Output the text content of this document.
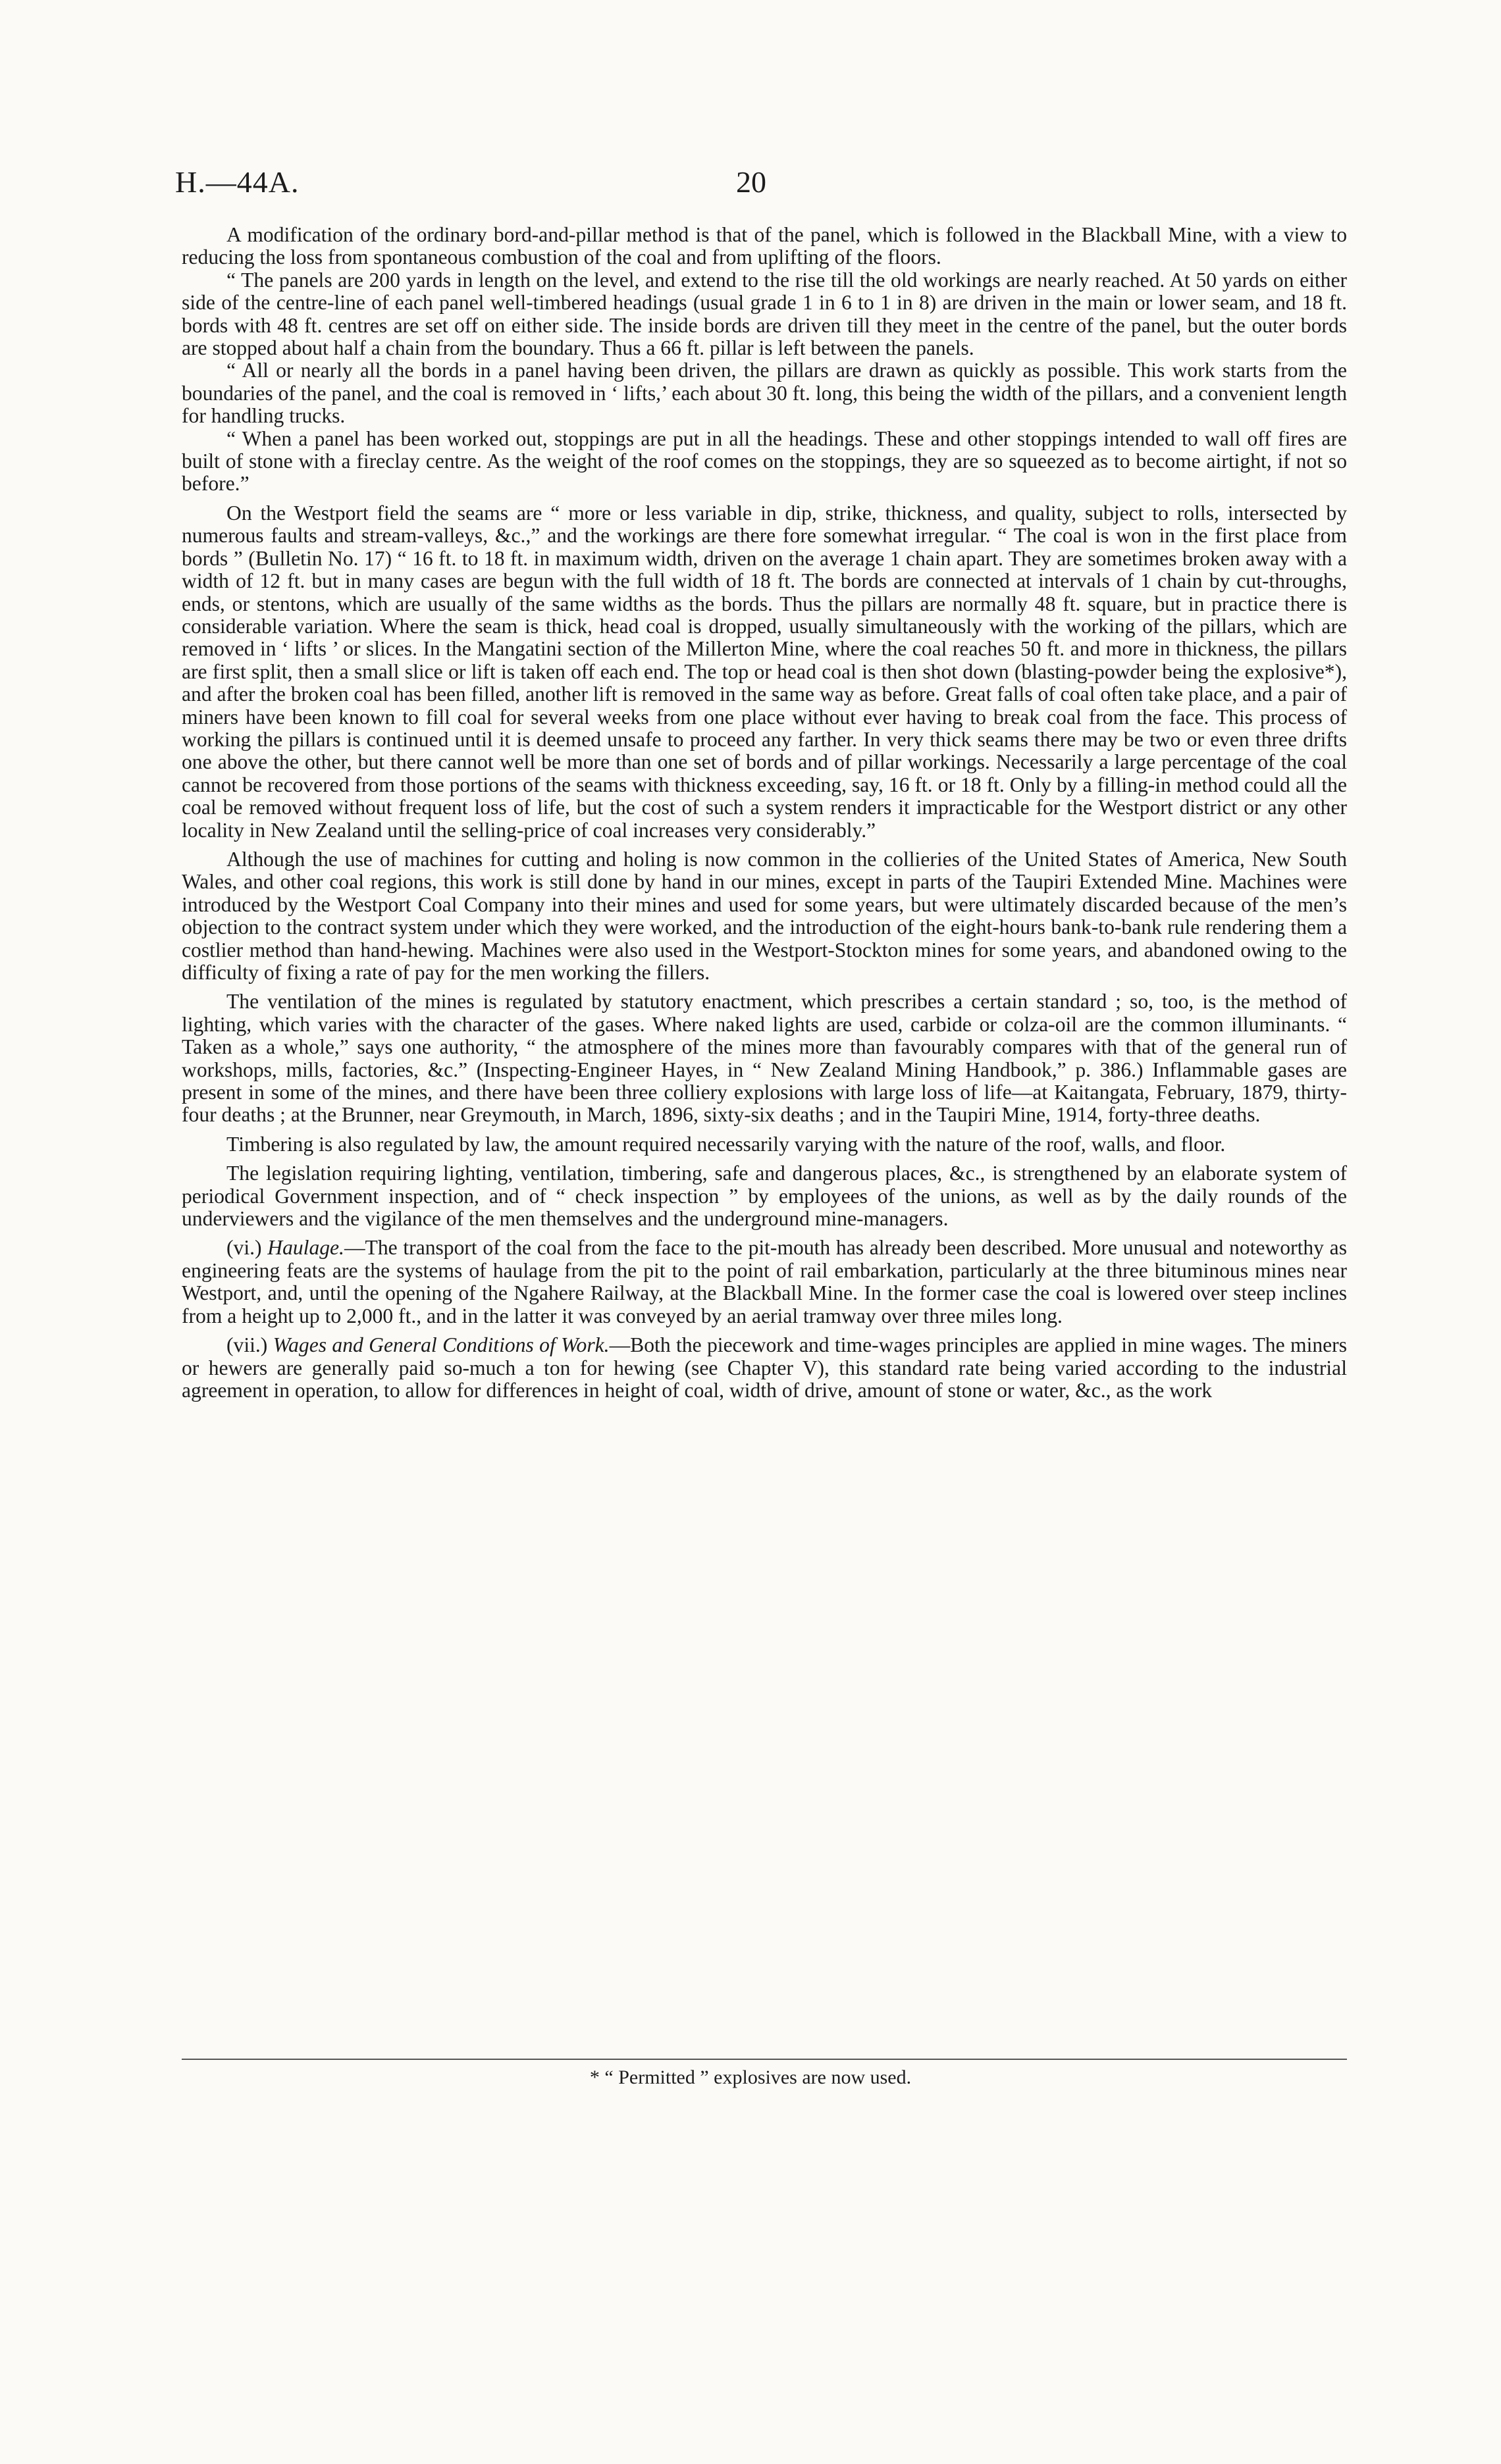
H.—44A.	20

A modification of the ordinary bord-and-pillar method is that of the panel, which is followed in the Blackball Mine, with a view to reducing the loss from spontaneous combustion of the coal and from uplifting of the floors.

“ The panels are 200 yards in length on the level, and extend to the rise till the old workings are nearly reached. At 50 yards on either side of the centre-line of each panel well-timbered headings (usual grade 1 in 6 to 1 in 8) are driven in the main or lower seam, and 18 ft. bords with 48 ft. centres are set off on either side. The inside bords are driven till they meet in the centre of the panel, but the outer bords are stopped about half a chain from the boundary. Thus a 66 ft. pillar is left between the panels.

“ All or nearly all the bords in a panel having been driven, the pillars are drawn as quickly as possible. This work starts from the boundaries of the panel, and the coal is removed in ‘ lifts,’ each about 30 ft. long, this being the width of the pillars, and a convenient length for handling trucks.

“ When a panel has been worked out, stoppings are put in all the headings. These and other stoppings intended to wall off fires are built of stone with a fireclay centre. As the weight of the roof comes on the stoppings, they are so squeezed as to become airtight, if not so before.”

On the Westport field the seams are “ more or less variable in dip, strike, thickness, and quality, subject to rolls, intersected by numerous faults and stream-valleys, &c.,” and the workings are there fore somewhat irregular. “ The coal is won in the first place from bords ” (Bulletin No. 17) “ 16 ft. to 18 ft. in maximum width, driven on the average 1 chain apart. They are sometimes broken away with a width of 12 ft. but in many cases are begun with the full width of 18 ft. The bords are connected at intervals of 1 chain by cut-throughs, ends, or stentons, which are usually of the same widths as the bords. Thus the pillars are normally 48 ft. square, but in practice there is considerable variation. Where the seam is thick, head coal is dropped, usually simultaneously with the working of the pillars, which are removed in ‘ lifts ’ or slices. In the Mangatini section of the Millerton Mine, where the coal reaches 50 ft. and more in thickness, the pillars are first split, then a small slice or lift is taken off each end. The top or head coal is then shot down (blasting-powder being the explosive*), and after the broken coal has been filled, another lift is removed in the same way as before. Great falls of coal often take place, and a pair of miners have been known to fill coal for several weeks from one place without ever having to break coal from the face. This process of working the pillars is continued until it is deemed unsafe to proceed any farther. In very thick seams there may be two or even three drifts one above the other, but there cannot well be more than one set of bords and of pillar workings. Necessarily a large percentage of the coal cannot be recovered from those portions of the seams with thickness exceeding, say, 16 ft. or 18 ft. Only by a filling-in method could all the coal be removed without frequent loss of life, but the cost of such a system renders it impracticable for the Westport district or any other locality in New Zealand until the selling-price of coal increases very considerably.”

Although the use of machines for cutting and holing is now common in the collieries of the United States of America, New South Wales, and other coal regions, this work is still done by hand in our mines, except in parts of the Taupiri Extended Mine. Machines were introduced by the Westport Coal Company into their mines and used for some years, but were ultimately discarded because of the men’s objection to the contract system under which they were worked, and the introduction of the eight-hours bank-to-bank rule rendering them a costlier method than hand-hewing. Machines were also used in the Westport-Stockton mines for some years, and abandoned owing to the difficulty of fixing a rate of pay for the men working the fillers.

The ventilation of the mines is regulated by statutory enactment, which prescribes a certain standard ; so, too, is the method of lighting, which varies with the character of the gases. Where naked lights are used, carbide or colza-oil are the common illuminants. “ Taken as a whole,” says one authority, “ the atmosphere of the mines more than favourably compares with that of the general run of workshops, mills, factories, &c.” (Inspecting-Engineer Hayes, in “ New Zealand Mining Handbook,” p. 386.) Inflammable gases are present in some of the mines, and there have been three colliery explosions with large loss of life—at Kaitangata, February, 1879, thirty-four deaths ; at the Brunner, near Greymouth, in March, 1896, sixty-six deaths ; and in the Taupiri Mine, 1914, forty-three deaths.

Timbering is also regulated by law, the amount required necessarily varying with the nature of the roof, walls, and floor.

The legislation requiring lighting, ventilation, timbering, safe and dangerous places, &c., is strengthened by an elaborate system of periodical Government inspection, and of “ check inspection ” by employees of the unions, as well as by the daily rounds of the underviewers and the vigilance of the men themselves and the underground mine-managers.

(vi.) Haulage.—The transport of the coal from the face to the pit-mouth has already been described. More unusual and noteworthy as engineering feats are the systems of haulage from the pit to the point of rail embarkation, particularly at the three bituminous mines near Westport, and, until the opening of the Ngahere Railway, at the Blackball Mine. In the former case the coal is lowered over steep inclines from a height up to 2,000 ft., and in the latter it was conveyed by an aerial tramway over three miles long.

(vii.) Wages and General Conditions of Work.—Both the piecework and time-wages principles are applied in mine wages. The miners or hewers are generally paid so-much a ton for hewing (see Chapter V), this standard rate being varied according to the industrial agreement in operation, to allow for differences in height of coal, width of drive, amount of stone or water, &c., as the work

* “ Permitted ” explosives are now used.
